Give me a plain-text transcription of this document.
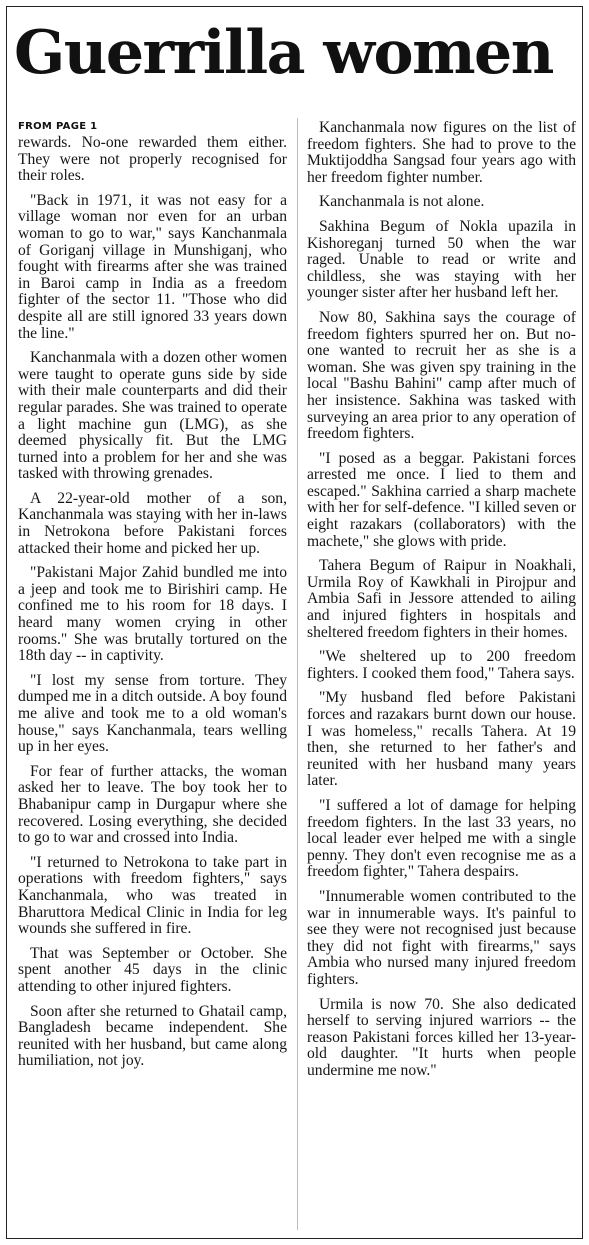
Guerrilla women
FROM PAGE 1

rewards. No-one rewarded them either. They were not properly recognised for their roles.

"Back in 1971, it was not easy for a village woman nor even for an urban woman to go to war," says Kanchanmala of Goriganj village in Munshiganj, who fought with firearms after she was trained in Baroi camp in India as a freedom fighter of the sector 11. "Those who did despite all are still ignored 33 years down the line."

Kanchanmala with a dozen other women were taught to operate guns side by side with their male counterparts and did their regular parades. She was trained to operate a light machine gun (LMG), as she deemed physically fit. But the LMG turned into a problem for her and she was tasked with throwing grenades.

A 22-year-old mother of a son, Kanchanmala was staying with her in-laws in Netrokona before Pakistani forces attacked their home and picked her up.

"Pakistani Major Zahid bundled me into a jeep and took me to Birishiri camp. He confined me to his room for 18 days. I heard many women crying in other rooms." She was brutally tortured on the 18th day -- in captivity.

"I lost my sense from torture. They dumped me in a ditch outside. A boy found me alive and took me to a old woman's house," says Kanchanmala, tears welling up in her eyes.

For fear of further attacks, the woman asked her to leave. The boy took her to Bhabanipur camp in Durgapur where she recovered. Losing everything, she decided to go to war and crossed into India.

"I returned to Netrokona to take part in operations with freedom fighters," says Kanchanmala, who was treated in Bharuttora Medical Clinic in India for leg wounds she suffered in fire.

That was September or October. She spent another 45 days in the clinic attending to other injured fighters.

Soon after she returned to Ghatail camp, Bangladesh became independent. She reunited with her husband, but came along humiliation, not joy.

Kanchanmala now figures on the list of freedom fighters. She had to prove to the Muktijoddha Sangsad four years ago with her freedom fighter number.

Kanchanmala is not alone.

Sakhina Begum of Nokla upazila in Kishoreganj turned 50 when the war raged. Unable to read or write and childless, she was staying with her younger sister after her husband left her.

Now 80, Sakhina says the courage of freedom fighters spurred her on. But no-one wanted to recruit her as she is a woman. She was given spy training in the local "Bashu Bahini" camp after much of her insistence. Sakhina was tasked with surveying an area prior to any operation of freedom fighters.

"I posed as a beggar. Pakistani forces arrested me once. I lied to them and escaped." Sakhina carried a sharp machete with her for self-defence. "I killed seven or eight razakars (collaborators) with the machete," she glows with pride.

Tahera Begum of Raipur in Noakhali, Urmila Roy of Kawkhali in Pirojpur and Ambia Safi in Jessore attended to ailing and injured fighters in hospitals and sheltered freedom fighters in their homes.

"We sheltered up to 200 freedom fighters. I cooked them food," Tahera says.

"My husband fled before Pakistani forces and razakars burnt down our house. I was homeless," recalls Tahera. At 19 then, she returned to her father's and reunited with her husband many years later.

"I suffered a lot of damage for helping freedom fighters. In the last 33 years, no local leader ever helped me with a single penny. They don't even recognise me as a freedom fighter," Tahera despairs.

"Innumerable women contributed to the war in innumerable ways. It's painful to see they were not recognised just because they did not fight with firearms," says Ambia who nursed many injured freedom fighters.

Urmila is now 70. She also dedicated herself to serving injured warriors -- the reason Pakistani forces killed her 13-year-old daughter. "It hurts when people undermine me now."
